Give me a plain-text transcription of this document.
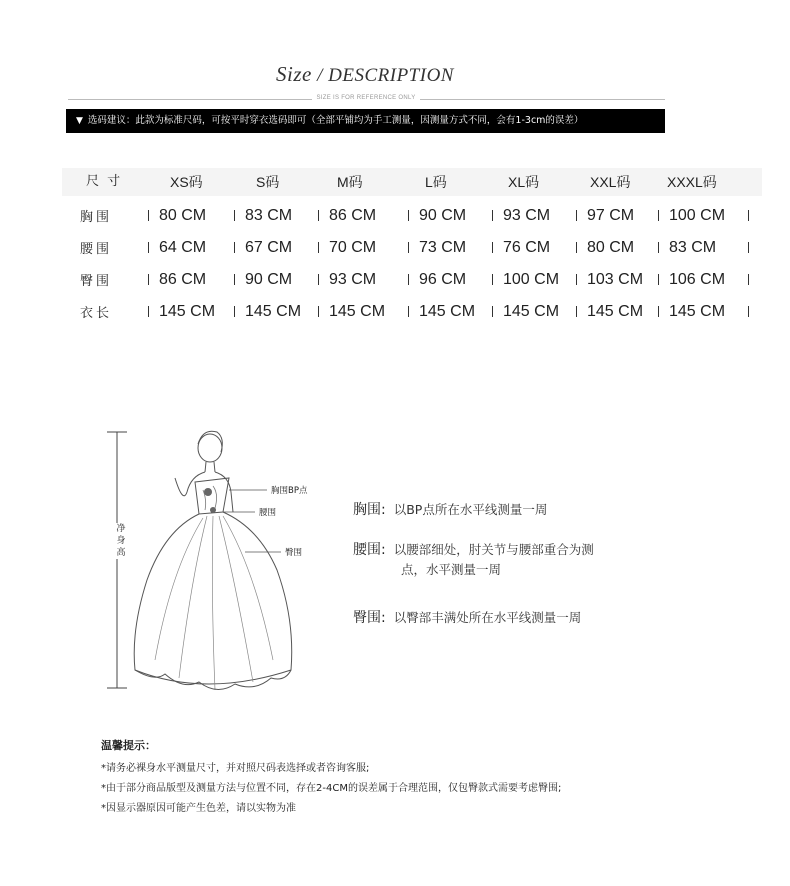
Size / DESCRIPTION
SIZE IS FOR REFERENCE ONLY
▼ 选码建议：此款为标准尺码，可按平时穿衣选码即可（全部平铺均为手工测量，因测量方式不同，会有1-3cm的误差）
尺 寸	XS码	S码	M码	L码	XL码	XXL码	XXXL码
胸围	80 CM	83 CM	86 CM	90 CM	93 CM	97 CM	100 CM
腰围	64 CM	67 CM	70 CM	73 CM	76 CM	80 CM	83 CM
臀围	86 CM	90 CM	93 CM	96 CM	100 CM	103 CM	106 CM
衣长	145 CM	145 CM	145 CM	145 CM	145 CM	145 CM	145 CM
净身高
胸围BP点
腰围
臀围
胸围: 以BP点所在水平线测量一周
腰围: 以腰部细处，肘关节与腰部重合为测
点，水平测量一周
臀围: 以臀部丰满处所在水平线测量一周
温馨提示：
*请务必裸身水平测量尺寸，并对照尺码表选择或者咨询客服;
*由于部分商品版型及测量方法与位置不同，存在2-4CM的误差属于合理范围，仅包臀款式需要考虑臀围;
*因显示器原因可能产生色差，请以实物为准
